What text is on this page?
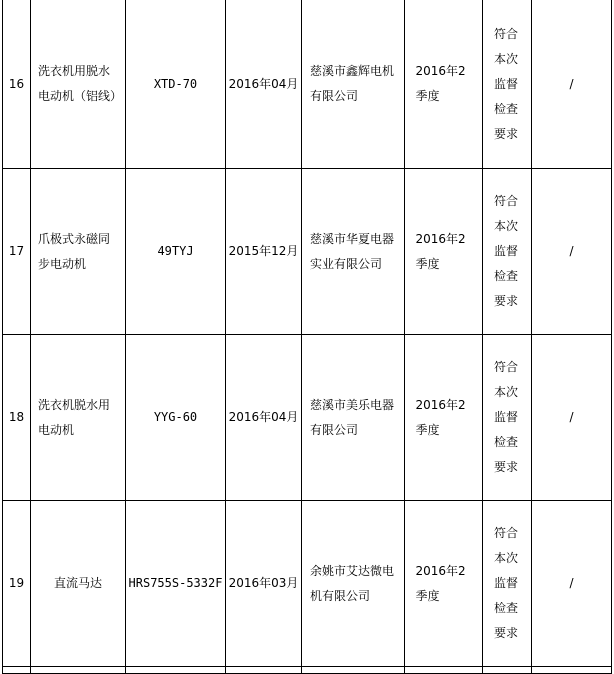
16	洗衣机用脱水电动机（铝线）	XTD-70	2016年04月	慈溪市鑫辉电机有限公司	2016年2季度	符合本次监督检查要求	/
17	爪极式永磁同步电动机	49TYJ	2015年12月	慈溪市华夏电器实业有限公司	2016年2季度	符合本次监督检查要求	/
18	洗衣机脱水用电动机	YYG-60	2016年04月	慈溪市美乐电器有限公司	2016年2季度	符合本次监督检查要求	/
19	直流马达	HRS755S-5332F	2016年03月	余姚市艾达微电机有限公司	2016年2季度	符合本次监督检查要求	/
